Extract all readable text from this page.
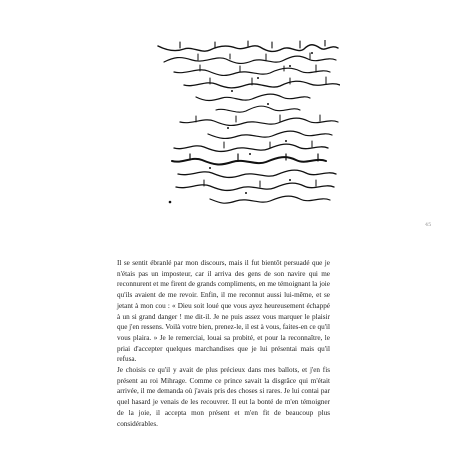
45

Il se sentit ébranlé par mon discours, mais il fut bientôt persuadé que je n'étais pas un imposteur, car il arriva des gens de son navire qui me reconnurent et me firent de grands compliments, en me témoignant la joie qu'ils avaient de me revoir. Enfin, il me reconnut aussi lui-même, et se jetant à mon cou : « Dieu soit loué que vous ayez heureusement échappé à un si grand danger ! me dit-il. Je ne puis assez vous marquer le plaisir que j'en ressens. Voilà votre bien, prenez-le, il est à vous, faites-en ce qu'il vous plaira. » Je le remerciai, louai sa probité, et pour la reconnaître, le priai d'accepter quelques marchandises que je lui présentai mais qu'il refusa.

Je choisis ce qu'il y avait de plus précieux dans mes ballots, et j'en fis présent au roi Mihrage. Comme ce prince savait la disgrâce qui m'était arrivée, il me demanda où j'avais pris des choses si rares. Je lui contai par quel hasard je venais de les recouvrer. Il eut la bonté de m'en témoigner de la joie, il accepta mon présent et m'en fit de beaucoup plus considérables.
